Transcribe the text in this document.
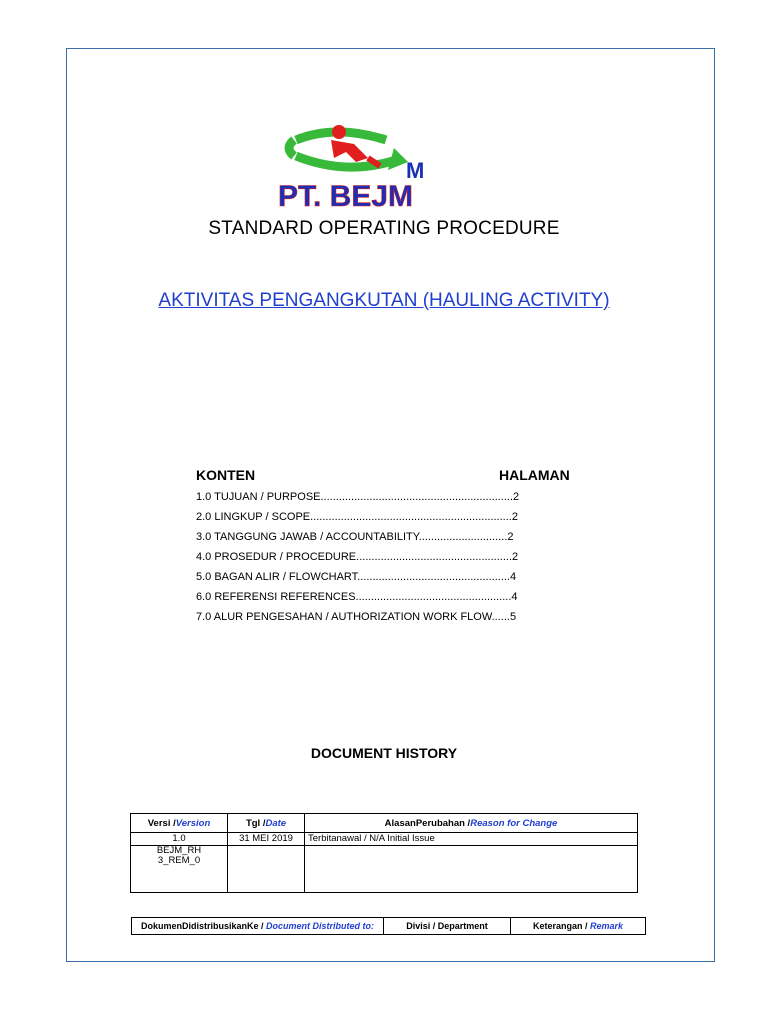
M
PT. BEJM
STANDARD OPERATING PROCEDURE
AKTIVITAS PENGANGKUTAN (HAULING ACTIVITY)
KONTEN	HALAMAN
1.0 TUJUAN / PURPOSE...............................................................2
2.0 LINGKUP / SCOPE..................................................................2
3.0 TANGGUNG JAWAB / ACCOUNTABILITY.............................2
4.0 PROSEDUR / PROCEDURE...................................................2
5.0 BAGAN ALIR / FLOWCHART..................................................4
6.0 REFERENSI REFERENCES...................................................4
7.0 ALUR PENGESAHAN / AUTHORIZATION WORK FLOW......5
DOCUMENT HISTORY
Versi /Version	Tgl /Date	AlasanPerubahan /Reason for Change
1.0	31 MEI 2019	Terbitanawal / N/A Initial Issue
BEJM_RH 3_REM_0		
DokumenDidistribusikanKe / Document Distributed to:	Divisi / Department	Keterangan / Remark
